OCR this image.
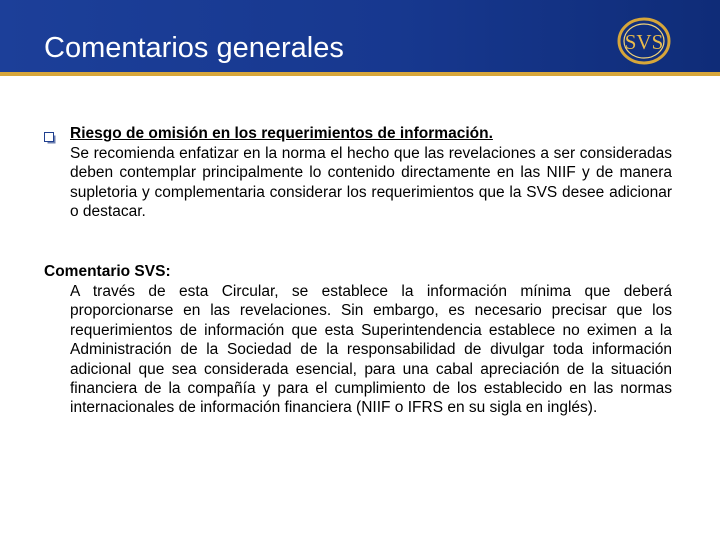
Comentarios generales	SVS
Riesgo de omisión en los requerimientos de información.
Se recomienda enfatizar en la norma el hecho que las revelaciones a ser consideradas deben contemplar principalmente lo contenido directamente en las NIIF y de manera supletoria y complementaria considerar los requerimientos que la SVS desee adicionar o destacar.
Comentario SVS:
A través de esta Circular, se establece la información mínima que deberá proporcionarse en las revelaciones. Sin embargo, es necesario precisar que los requerimientos de información que esta Superintendencia establece no eximen a la Administración de la Sociedad de la responsabilidad de divulgar toda información adicional que sea considerada esencial, para una cabal apreciación de la situación financiera de la compañía y para el cumplimiento de los establecido en las normas internacionales de información financiera (NIIF o IFRS en su sigla en inglés).
